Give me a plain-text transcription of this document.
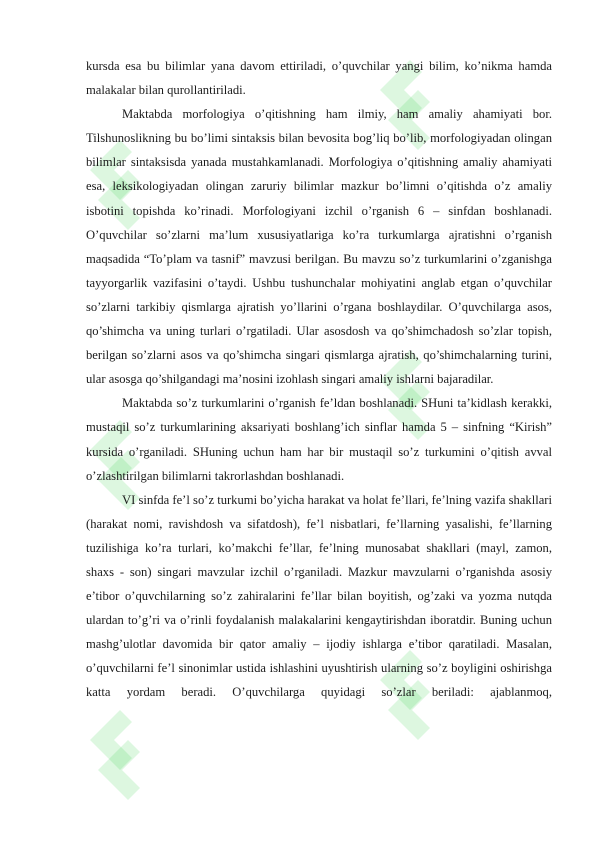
kursda esa bu bilimlar yana davom ettiriladi, o’quvchilar yangi bilim, ko’nikma hamda malakalar bilan qurollantiriladi.

Maktabda morfologiya o’qitishning ham ilmiy, ham amaliy ahamiyati bor. Tilshunoslikning bu bo’limi sintaksis bilan bevosita bog’liq bo’lib, morfologiyadan olingan bilimlar sintaksisda yanada mustahkamlanadi. Morfologiya o’qitishning amaliy ahamiyati esa, leksikologiyadan olingan zaruriy bilimlar mazkur bo’limni o’qitishda o’z amaliy isbotini topishda ko’rinadi. Morfologiyani izchil o’rganish 6 – sinfdan boshlanadi. O’quvchilar so’zlarni ma’lum xususiyatlariga ko’ra turkumlarga ajratishni o’rganish maqsadida “To’plam va tasnif” mavzusi berilgan. Bu mavzu so’z turkumlarini o’zganishga tayyorgarlik vazifasini o’taydi. Ushbu tushunchalar mohiyatini anglab etgan o’quvchilar so’zlarni tarkibiy qismlarga ajratish yo’llarini o’rgana boshlaydilar. O’quvchilarga asos, qo’shimcha va uning turlari o’rgatiladi. Ular asosdosh va qo’shimchadosh so’zlar topish, berilgan so’zlarni asos va qo’shimcha singari qismlarga ajratish, qo’shimchalarning turini, ular asosga qo’shilgandagi ma’nosini izohlash singari amaliy ishlarni bajaradilar.

Maktabda so’z turkumlarini o’rganish fe’ldan boshlanadi. SHuni ta’kidlash kerakki, mustaqil so’z turkumlarining aksariyati boshlang’ich sinflar hamda 5 – sinfning “Kirish” kursida o’rganiladi. SHuning uchun ham har bir mustaqil so’z turkumini o’qitish avval o’zlashtirilgan bilimlarni takrorlashdan boshlanadi.

VI sinfda fe’l so’z turkumi bo’yicha harakat va holat fe’llari, fe’lning vazifa shakllari (harakat nomi, ravishdosh va sifatdosh), fe’l nisbatlari, fe’llarning yasalishi, fe’llarning tuzilishiga ko’ra turlari, ko’makchi fe’llar, fe’lning munosabat shakllari (mayl, zamon, shaxs - son) singari mavzular izchil o’rganiladi. Mazkur mavzularni o’rganishda asosiy e’tibor o’quvchilarning so’z zahiralarini fe’llar bilan boyitish, og’zaki va yozma nutqda ulardan to’g’ri va o’rinli foydalanish malakalarini kengaytirishdan iboratdir. Buning uchun mashg’ulotlar davomida bir qator amaliy – ijodiy ishlarga e’tibor qaratiladi. Masalan, o’quvchilarni fe’l sinonimlar ustida ishlashini uyushtirish ularning so’z boyligini oshirishga katta yordam beradi. O’quvchilarga quyidagi so’zlar beriladi: ajablanmoq,
